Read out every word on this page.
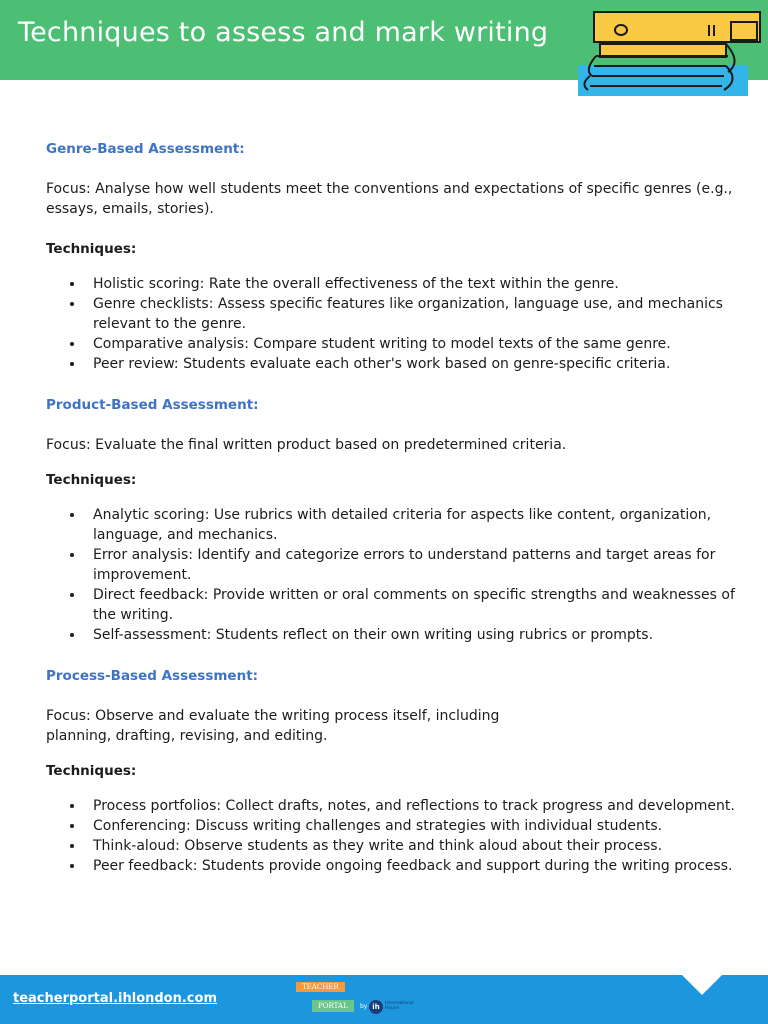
Techniques to assess and mark writing

Genre-Based Assessment:

Focus: Analyse how well students meet the conventions and expectations of specific genres (e.g., essays, emails, stories).

Techniques:

Holistic scoring: Rate the overall effectiveness of the text within the genre.
Genre checklists: Assess specific features like organization, language use, and mechanics relevant to the genre.
Comparative analysis: Compare student writing to model texts of the same genre.
Peer review: Students evaluate each other's work based on genre-specific criteria.

Product-Based Assessment:

Focus: Evaluate the final written product based on predetermined criteria.

Techniques:

Analytic scoring: Use rubrics with detailed criteria for aspects like content, organization, language, and mechanics.
Error analysis: Identify and categorize errors to understand patterns and target areas for improvement.
Direct feedback: Provide written or oral comments on specific strengths and weaknesses of the writing.
Self-assessment: Students reflect on their own writing using rubrics or prompts.

Process-Based Assessment:

Focus: Observe and evaluate the writing process itself, including planning, drafting, revising, and editing.

Techniques:

Process portfolios: Collect drafts, notes, and reflections to track progress and development.
Conferencing: Discuss writing challenges and strategies with individual students.
Think-aloud: Observe students as they write and think aloud about their process.
Peer feedback: Students provide ongoing feedback and support during the writing process.
teacherportal.ihlondon.com
TEACHER
PORTAL	by ih	International House
